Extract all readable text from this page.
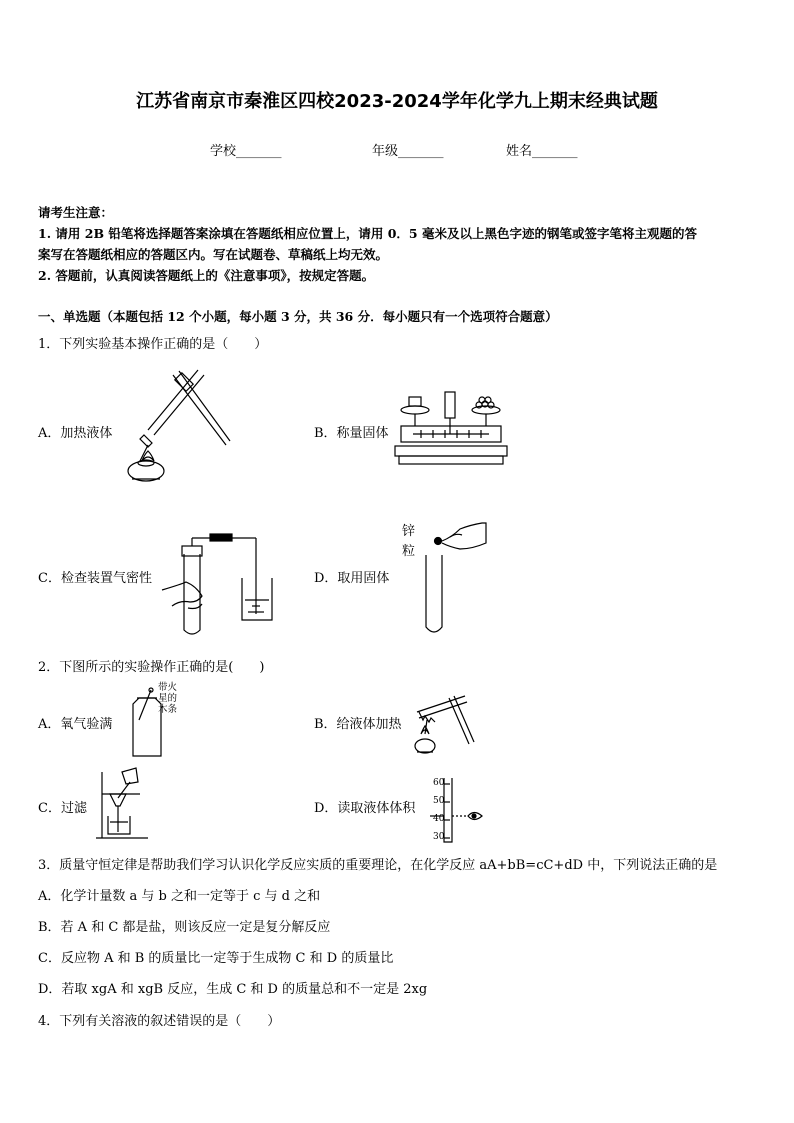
江苏省南京市秦淮区四校2023-2024学年化学九上期末经典试题
学校_______	年级_______	姓名_______
请考生注意：
1. 请用 2B 铅笔将选择题答案涂填在答题纸相应位置上，请用 0．5 毫米及以上黑色字迹的钢笔或签字笔将主观题的答
案写在答题纸相应的答题区内。写在试题卷、草稿纸上均无效。
2. 答题前，认真阅读答题纸上的《注意事项》，按规定答题。
一、单选题（本题包括 12 个小题，每小题 3 分，共 36 分．每小题只有一个选项符合题意）
1．下列实验基本操作正确的是（　　）
A．加热液体	B．称量固体
C．检查装置气密性	D．取用固体
锌
粒
2．下图所示的实验操作正确的是(　　)
A．氧气验满	B．给液体加热
C．过滤	D．读取液体体积
带火
星的
木条
60
50
40
30
3．质量守恒定律是帮助我们学习认识化学反应实质的重要理论，在化学反应 aA+bB=cC+dD 中，下列说法正确的是
A．化学计量数 a 与 b 之和一定等于 c 与 d 之和
B．若 A 和 C 都是盐，则该反应一定是复分解反应
C．反应物 A 和 B 的质量比一定等于生成物 C 和 D 的质量比
D．若取 xgA 和 xgB 反应，生成 C 和 D 的质量总和不一定是 2xg
4．下列有关溶液的叙述错误的是（　　）
